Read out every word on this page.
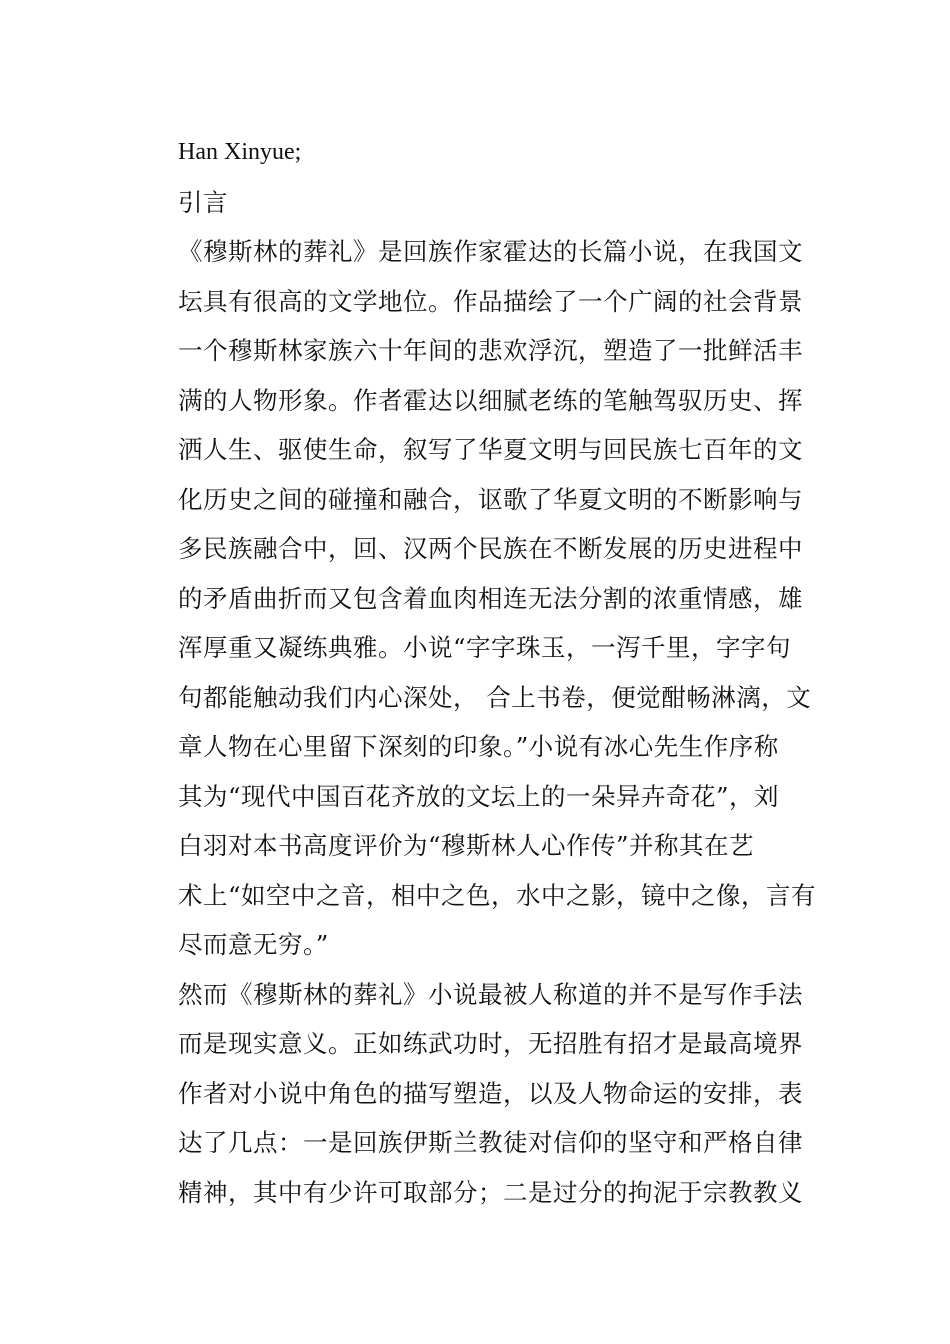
Han Xinyue;
引言
《穆斯林的葬礼》是回族作家霍达的长篇小说，在我国文
坛具有很高的文学地位。作品描绘了一个广阔的社会背景
一个穆斯林家族六十年间的悲欢浮沉，塑造了一批鲜活丰
满的人物形象。作者霍达以细腻老练的笔触驾驭历史、挥
洒人生、驱使生命，叙写了华夏文明与回民族七百年的文
化历史之间的碰撞和融合，讴歌了华夏文明的不断影响与
多民族融合中，回、汉两个民族在不断发展的历史进程中
的矛盾曲折而又包含着血肉相连无法分割的浓重情感，雄
浑厚重又凝练典雅。小说“字字珠玉，一泻千里，字字句
句都能触动我们内心深处， 合上书卷，便觉酣畅淋漓，文
章人物在心里留下深刻的印象。”小说有冰心先生作序称
其为“现代中国百花齐放的文坛上的一朵异卉奇花”，刘
白羽对本书高度评价为“穆斯林人心作传”并称其在艺
术上“如空中之音，相中之色，水中之影，镜中之像，言有
尽而意无穷。”
然而《穆斯林的葬礼》小说最被人称道的并不是写作手法
而是现实意义。正如练武功时，无招胜有招才是最高境界
作者对小说中角色的描写塑造，以及人物命运的安排，表
达了几点：一是回族伊斯兰教徒对信仰的坚守和严格自律
精神，其中有少许可取部分；二是过分的拘泥于宗教教义
